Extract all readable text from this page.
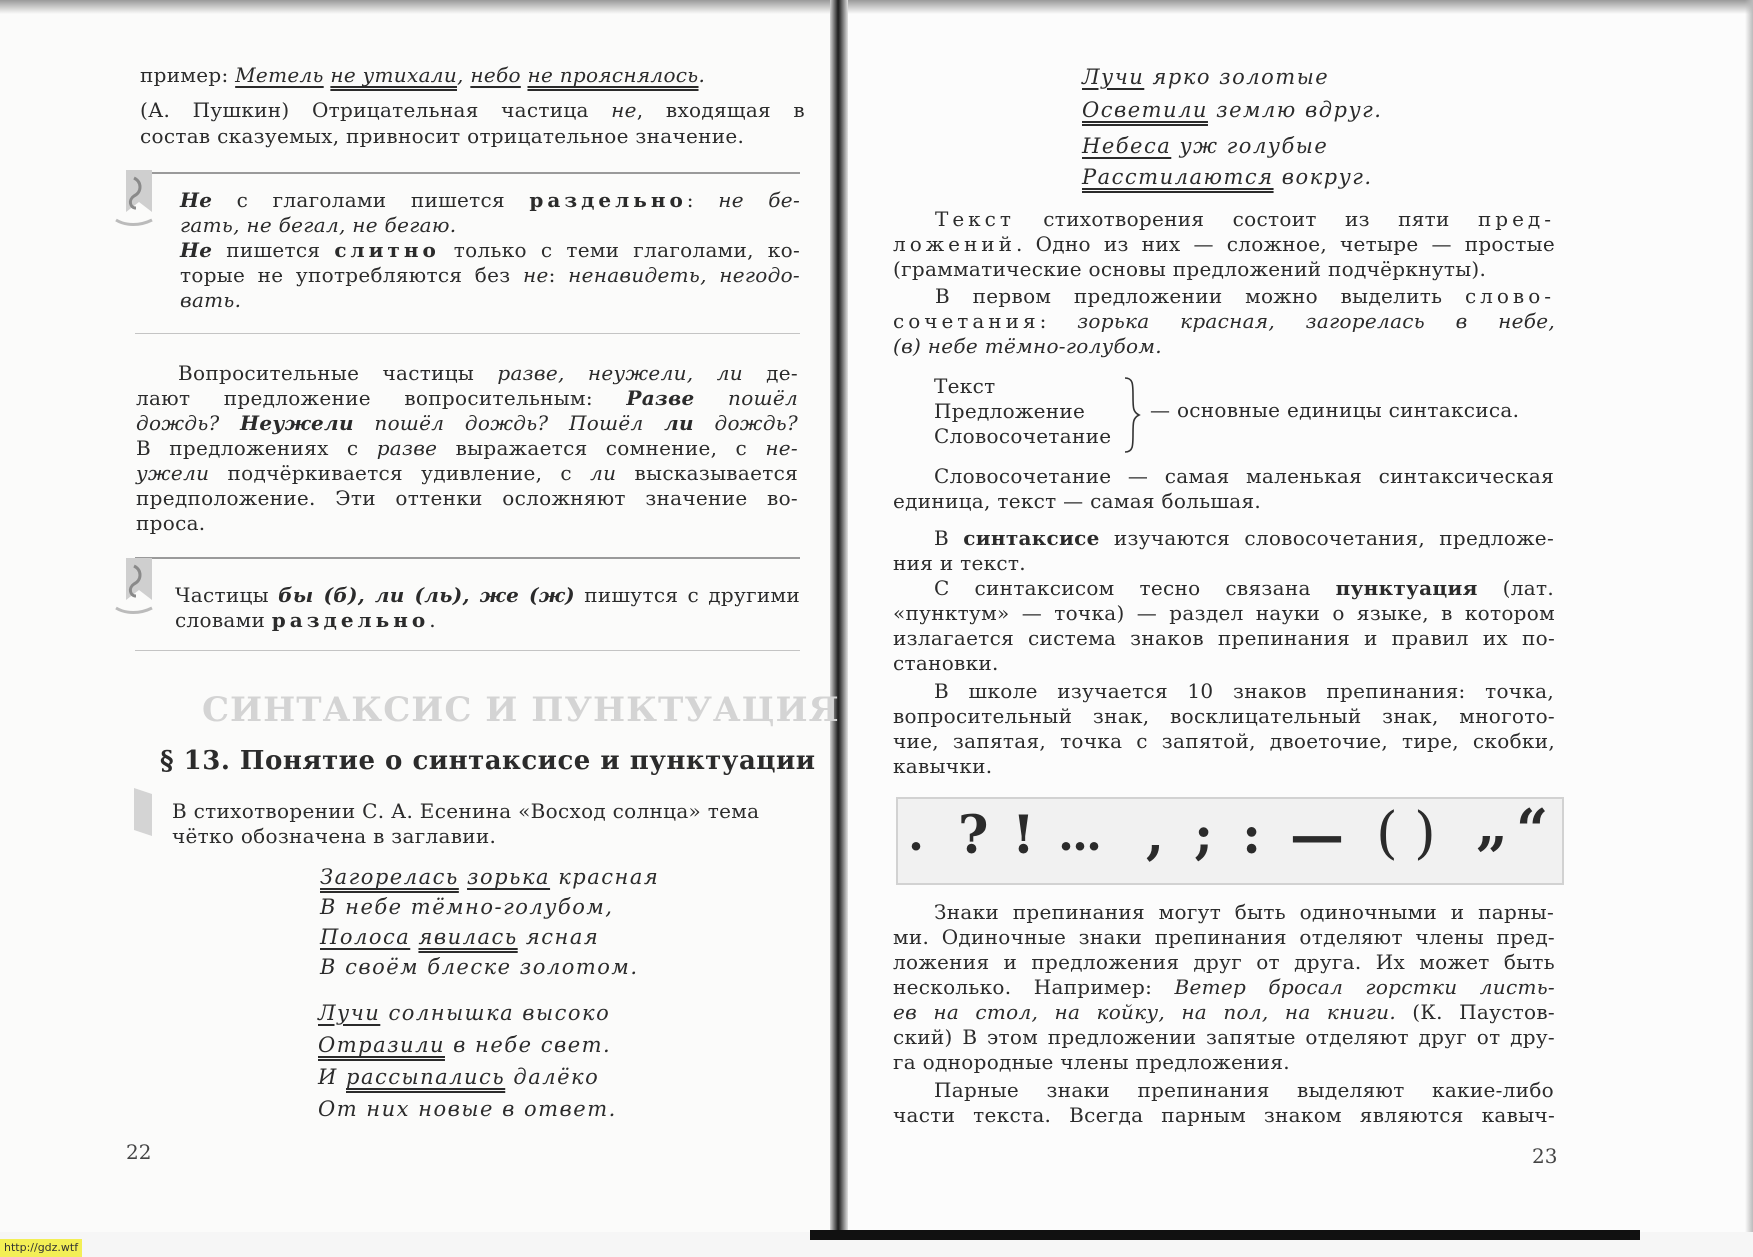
пример: Метель не утихали, небо не прояснялось.
(А. Пушкин) Отрицательная частица не, входящая в
состав сказуемых, привносит отрицательное значение.
Не с глаголами пишется раздельно: не бе-
гать, не бегал, не бегаю.
Не пишется слитно только с теми глаголами, ко-
торые не употребляются без не: ненавидеть, негодо-
вать.
Вопросительные частицы разве, неужели, ли де-
лают предложение вопросительным: Разве пошёл
дождь? Неужели пошёл дождь? Пошёл ли дождь?
В предложениях с разве выражается сомнение, с не-
ужели подчёркивается удивление, с ли высказывается
предположение. Эти оттенки осложняют значение во-
проса.
Частицы бы (б), ли (ль), же (ж) пишутся с другими
словами раздельно.
СИНТАКСИС И ПУНКТУАЦИЯ
§ 13. Понятие о синтаксисе и пунктуации
В стихотворении С. А. Есенина «Восход солнца» тема
чётко обозначена в заглавии.
Загорелась зорька красная
В небе тёмно-голубом,
Полоса явилась ясная
В своём блеске золотом.
Лучи солнышка высоко
Отразили в небе свет.
И рассыпались далёко
От них новые в ответ.
22
Лучи ярко золотые
Осветили землю вдруг.
Небеса уж голубые
Расстилаются вокруг.
Текст стихотворения состоит из пяти пред-
ложений. Одно из них — сложное, четыре — простые
(грамматические основы предложений подчёркнуты).
В первом предложении можно выделить слово-
сочетания: зорька красная, загорелась в небе,
(в) небе тёмно-голубом.
Текст
Предложение
Словосочетание
— основные единицы синтаксиса.
Словосочетание — самая маленькая синтаксическая
единица, текст — самая большая.
В синтаксисе изучаются словосочетания, предложе-
ния и текст.
С синтаксисом тесно связана пунктуация (лат.
«пунктум» — точка) — раздел науки о языке, в котором
излагается система знаков препинания и правил их по-
становки.
В школе изучается 10 знаков препинания: точка,
вопросительный знак, восклицательный знак, многото-
чие, запятая, точка с запятой, двоеточие, тире, скобки,
кавычки.
. ? ! ... , ; : — ( ) „ “
Знаки препинания могут быть одиночными и парны-
ми. Одиночные знаки препинания отделяют члены пред-
ложения и предложения друг от друга. Их может быть
несколько. Например: Ветер бросал горстки листь-
ев на стол, на койку, на пол, на книги. (К. Паустов-
ский) В этом предложении запятые отделяют друг от дру-
га однородные члены предложения.
Парные знаки препинания выделяют какие-либо
части текста. Всегда парным знаком являются кавыч-
23
http://gdz.wtf
